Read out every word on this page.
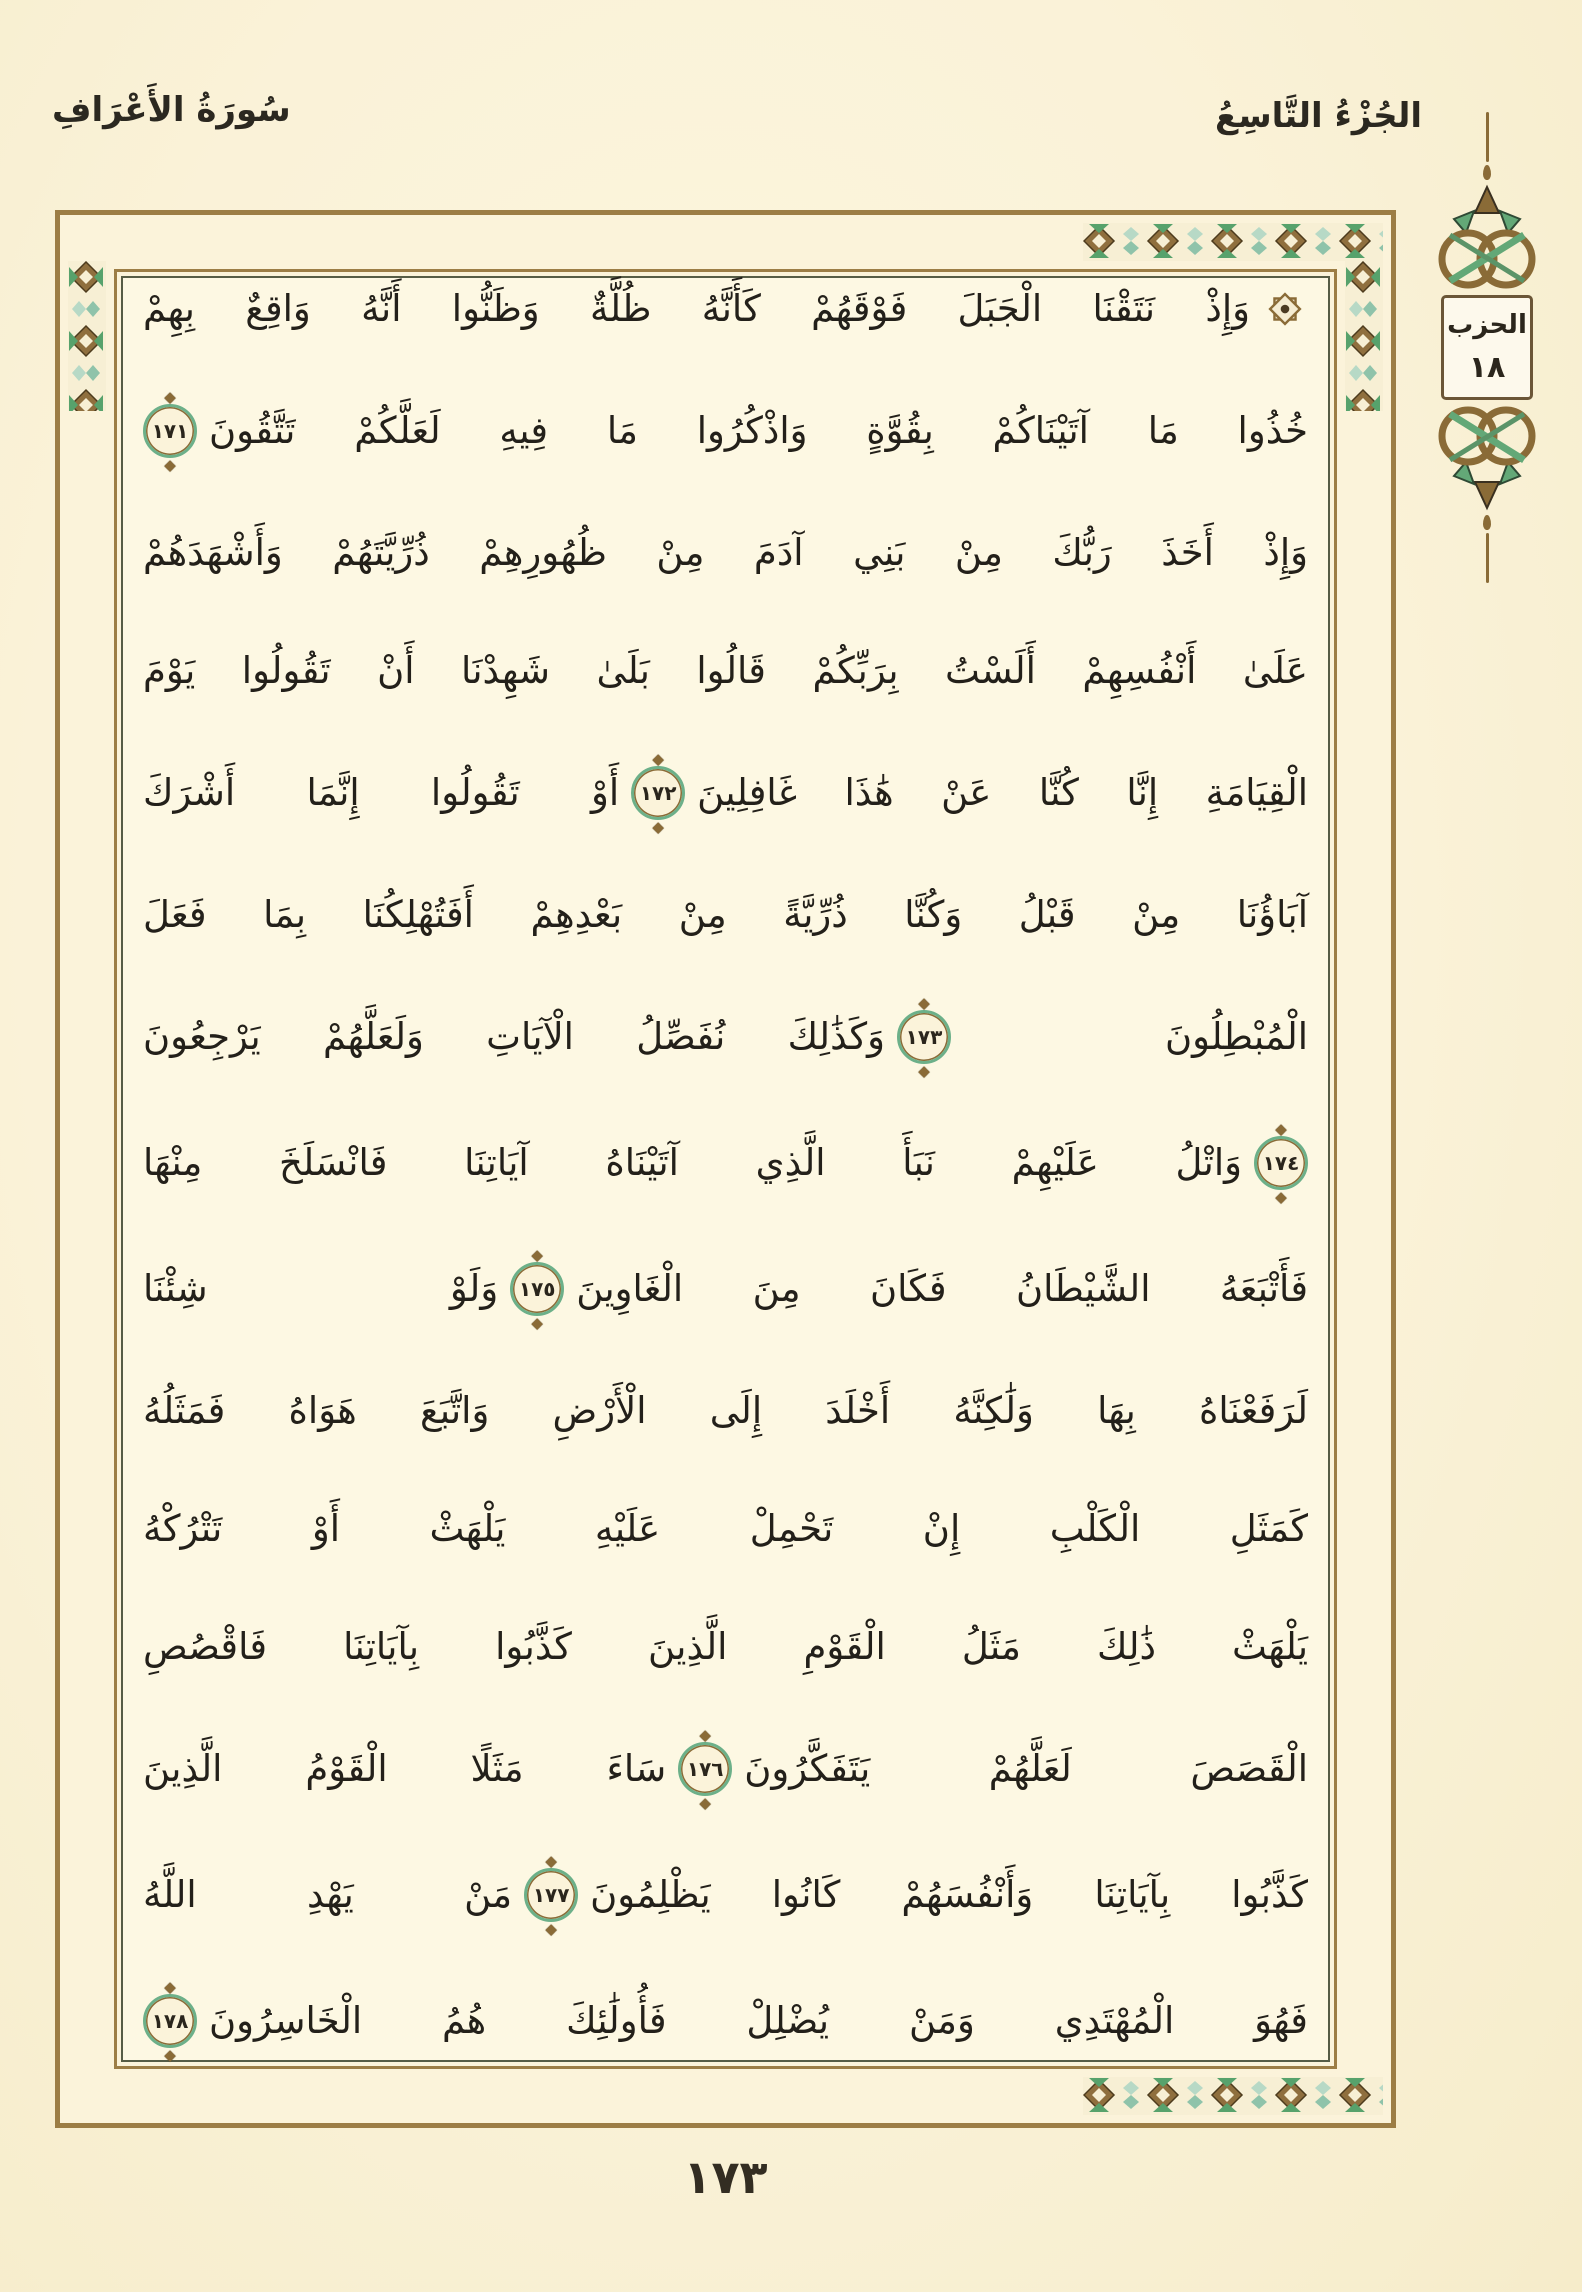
سُورَةُ الأَعْرَافِ	الجُزْءُ التَّاسِعُ
وَإِذْ نَتَقْنَا الْجَبَلَ فَوْقَهُمْ كَأَنَّهُ ظُلَّةٌ وَظَنُّوا أَنَّهُ وَاقِعٌ بِهِمْ
خُذُوا مَا آتَيْنَاكُمْ بِقُوَّةٍ وَاذْكُرُوا مَا فِيهِ لَعَلَّكُمْ تَتَّقُونَ
◆ ١٧١ ◆
وَإِذْ أَخَذَ رَبُّكَ مِنْ بَنِي آدَمَ مِنْ ظُهُورِهِمْ ذُرِّيَّتَهُمْ وَأَشْهَدَهُمْ
عَلَىٰ أَنْفُسِهِمْ أَلَسْتُ بِرَبِّكُمْ قَالُوا بَلَىٰ شَهِدْنَا أَنْ تَقُولُوا يَوْمَ
الْقِيَامَةِ إِنَّا كُنَّا عَنْ هَٰذَا غَافِلِينَ
◆ ١٧٢ ◆
أَوْ تَقُولُوا إِنَّمَا أَشْرَكَ
آبَاؤُنَا مِنْ قَبْلُ وَكُنَّا ذُرِّيَّةً مِنْ بَعْدِهِمْ أَفَتُهْلِكُنَا بِمَا فَعَلَ
الْمُبْطِلُونَ
◆ ١٧٣ ◆
وَكَذَٰلِكَ نُفَصِّلُ الْآيَاتِ وَلَعَلَّهُمْ يَرْجِعُونَ
◆ ١٧٤ ◆
وَاتْلُ عَلَيْهِمْ نَبَأَ الَّذِي آتَيْنَاهُ آيَاتِنَا فَانْسَلَخَ مِنْهَا
فَأَتْبَعَهُ الشَّيْطَانُ فَكَانَ مِنَ الْغَاوِينَ
◆ ١٧٥ ◆
وَلَوْ شِئْنَا
لَرَفَعْنَاهُ بِهَا وَلَٰكِنَّهُ أَخْلَدَ إِلَى الْأَرْضِ وَاتَّبَعَ هَوَاهُ فَمَثَلُهُ
كَمَثَلِ الْكَلْبِ إِنْ تَحْمِلْ عَلَيْهِ يَلْهَثْ أَوْ تَتْرُكْهُ
يَلْهَثْ ذَٰلِكَ مَثَلُ الْقَوْمِ الَّذِينَ كَذَّبُوا بِآيَاتِنَا فَاقْصُصِ
الْقَصَصَ لَعَلَّهُمْ يَتَفَكَّرُونَ
◆ ١٧٦ ◆
سَاءَ مَثَلًا الْقَوْمُ الَّذِينَ
كَذَّبُوا بِآيَاتِنَا وَأَنْفُسَهُمْ كَانُوا يَظْلِمُونَ
◆ ١٧٧ ◆
مَنْ يَهْدِ اللَّهُ
فَهُوَ الْمُهْتَدِي وَمَنْ يُضْلِلْ فَأُولَٰئِكَ هُمُ الْخَاسِرُونَ
◆ ١٧٨ ◆
الحزب
١٨
١٧٣
